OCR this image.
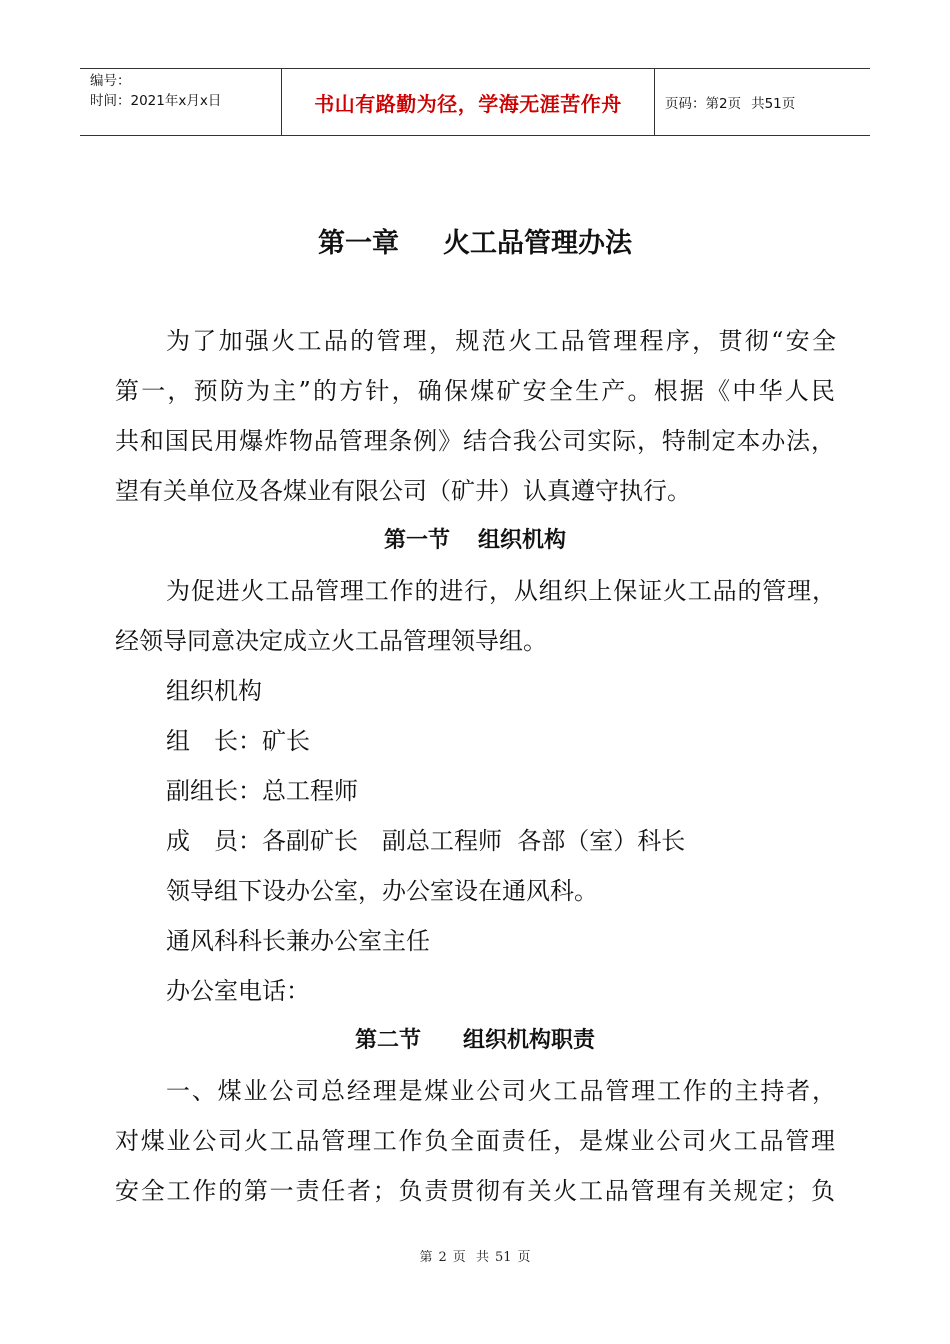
编号：
时间：2021年x月x日	书山有路勤为径，学海无涯苦作舟	页码：第2页 共51页
第一章 火工品管理办法
为了加强火工品的管理，规范火工品管理程序，贯彻“安全
第一，预防为主”的方针，确保煤矿安全生产。根据《中华人民
共和国民用爆炸物品管理条例》结合我公司实际，特制定本办法，
望有关单位及各煤业有限公司（矿井）认真遵守执行。
第一节 组织机构
为促进火工品管理工作的进行，从组织上保证火工品的管理，
经领导同意决定成立火工品管理领导组。
组织机构
组　长：矿长
副组长：总工程师
成　员：各副矿长　副总工程师  各部（室）科长
领导组下设办公室，办公室设在通风科。
通风科科长兼办公室主任
办公室电话：
第二节 组织机构职责
一、煤业公司总经理是煤业公司火工品管理工作的主持者，
对煤业公司火工品管理工作负全面责任，是煤业公司火工品管理
安全工作的第一责任者；负责贯彻有关火工品管理有关规定；负
第 2 页 共 51 页
